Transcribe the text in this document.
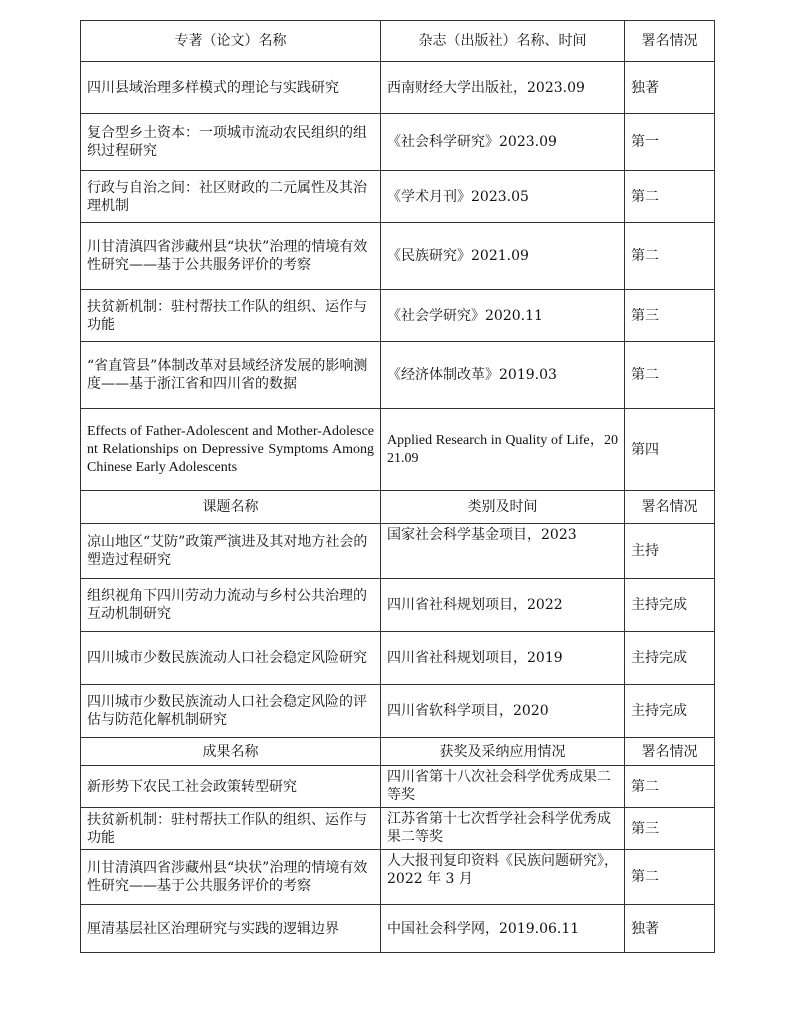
专著（论文）名称	杂志（出版社）名称、时间	署名情况
四川县域治理多样模式的理论与实践研究	西南财经大学出版社，2023.09	独著
复合型乡土资本：一项城市流动农民组织的组织过程研究	《社会科学研究》2023.09	第一
行政与自治之间：社区财政的二元属性及其治理机制	《学术月刊》2023.05	第二
川甘清滇四省涉藏州县“块状”治理的情境有效性研究——基于公共服务评价的考察	《民族研究》2021.09	第二
扶贫新机制：驻村帮扶工作队的组织、运作与功能	《社会学研究》2020.11	第三
“省直管县”体制改革对县域经济发展的影响测度——基于浙江省和四川省的数据	《经济体制改革》2019.03	第二
Effects of Father-Adolescent and Mother-Adolescent Relationships on Depressive Symptoms Among Chinese Early Adolescents	Applied Research in Quality of Life，2021.09	第四
课题名称	类别及时间	署名情况
凉山地区“艾防”政策严演进及其对地方社会的塑造过程研究	国家社会科学基金项目，2023	主持
组织视角下四川劳动力流动与乡村公共治理的互动机制研究	四川省社科规划项目，2022	主持完成
四川城市少数民族流动人口社会稳定风险研究	四川省社科规划项目，2019	主持完成
四川城市少数民族流动人口社会稳定风险的评估与防范化解机制研究	四川省软科学项目，2020	主持完成
成果名称	获奖及采纳应用情况	署名情况
新形势下农民工社会政策转型研究	四川省第十八次社会科学优秀成果二等奖	第二
扶贫新机制：驻村帮扶工作队的组织、运作与功能	江苏省第十七次哲学社会科学优秀成果二等奖	第三
川甘清滇四省涉藏州县“块状”治理的情境有效性研究——基于公共服务评价的考察	人大报刊复印资料《民族问题研究》，2022 年 3 月	第二
厘清基层社区治理研究与实践的逻辑边界	中国社会科学网，2019.06.11	独著
